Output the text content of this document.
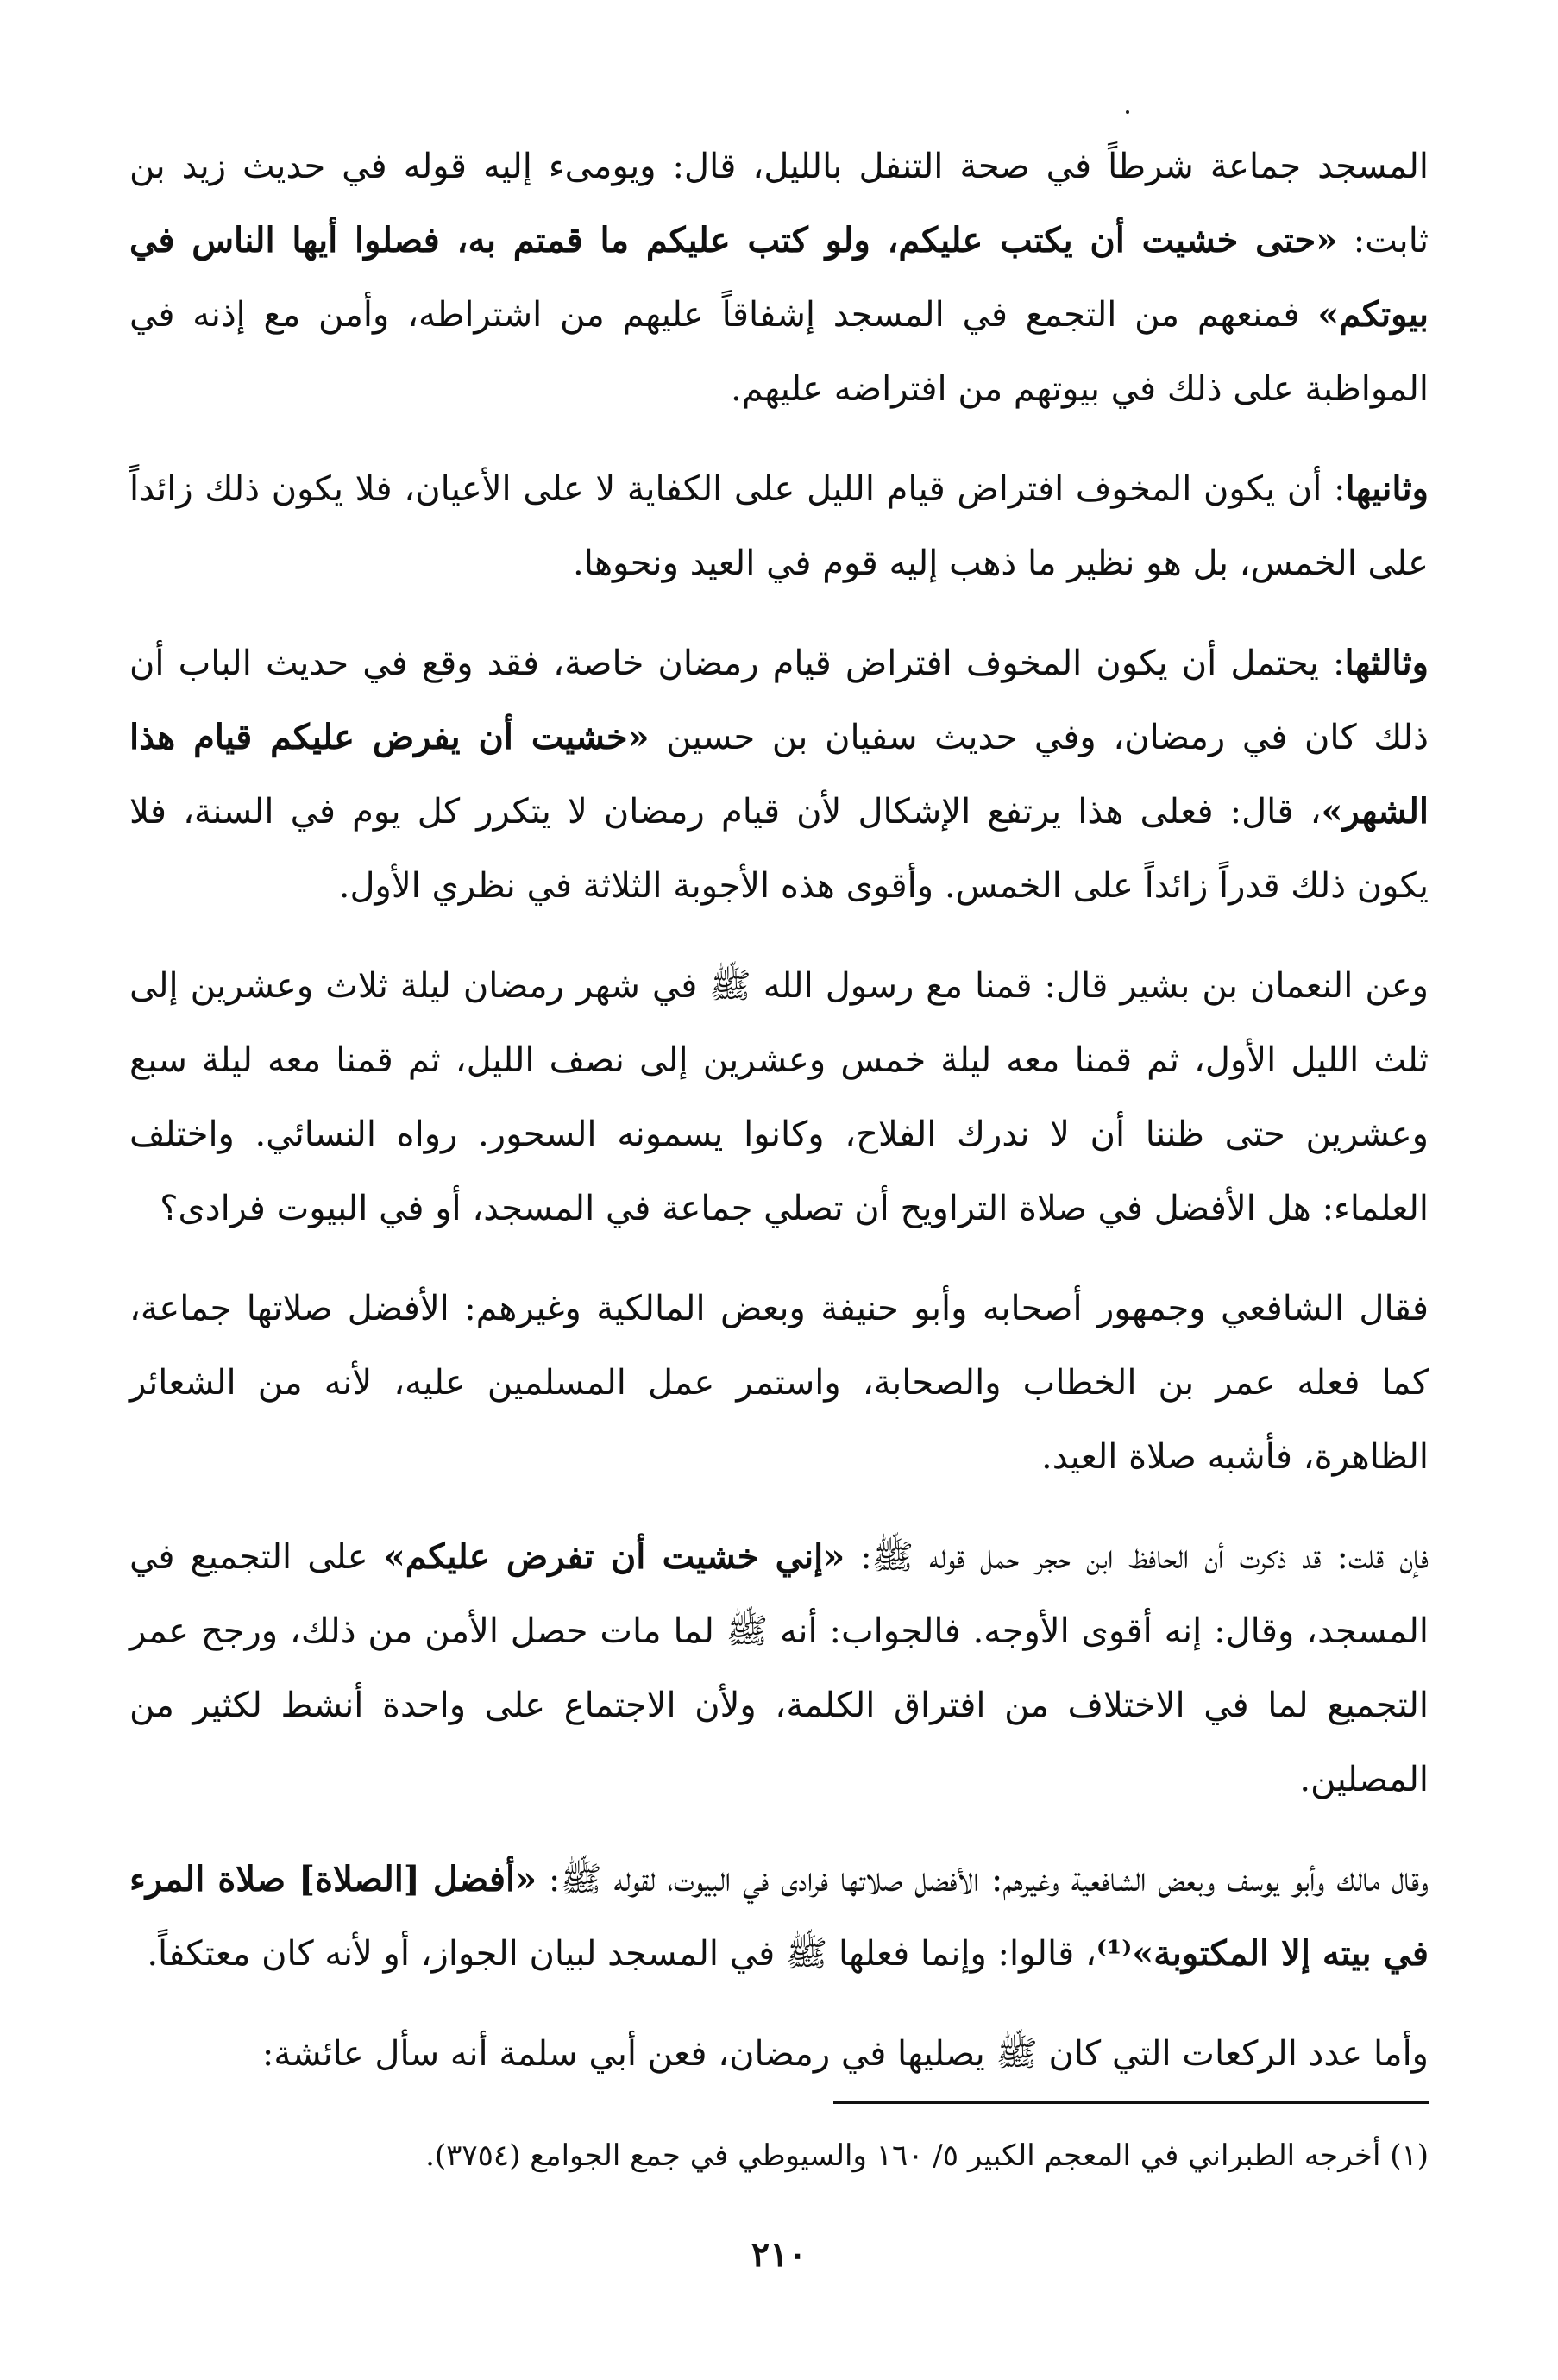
المسجد جماعة شرطاً في صحة التنفل بالليل، قال: ويومىء إليه قوله في حديث زيد بن ثابت: «حتى خشيت أن يكتب عليكم، ولو كتب عليكم ما قمتم به، فصلوا أيها الناس في بيوتكم» فمنعهم من التجمع في المسجد إشفاقاً عليهم من اشتراطه، وأمن مع إذنه في المواظبة على ذلك في بيوتهم من افتراضه عليهم.

وثانيها: أن يكون المخوف افتراض قيام الليل على الكفاية لا على الأعيان، فلا يكون ذلك زائداً على الخمس، بل هو نظير ما ذهب إليه قوم في العيد ونحوها.

وثالثها: يحتمل أن يكون المخوف افتراض قيام رمضان خاصة، فقد وقع في حديث الباب أن ذلك كان في رمضان، وفي حديث سفيان بن حسين «خشيت أن يفرض عليكم قيام هذا الشهر»، قال: فعلى هذا يرتفع الإشكال لأن قيام رمضان لا يتكرر كل يوم في السنة، فلا يكون ذلك قدراً زائداً على الخمس. وأقوى هذه الأجوبة الثلاثة في نظري الأول.

وعن النعمان بن بشير قال: قمنا مع رسول الله ﷺ في شهر رمضان ليلة ثلاث وعشرين إلى ثلث الليل الأول، ثم قمنا معه ليلة خمس وعشرين إلى نصف الليل، ثم قمنا معه ليلة سبع وعشرين حتى ظننا أن لا ندرك الفلاح، وكانوا يسمونه السحور. رواه النسائي. واختلف العلماء: هل الأفضل في صلاة التراويح أن تصلي جماعة في المسجد، أو في البيوت فرادى؟

فقال الشافعي وجمهور أصحابه وأبو حنيفة وبعض المالكية وغيرهم: الأفضل صلاتها جماعة، كما فعله عمر بن الخطاب والصحابة، واستمر عمل المسلمين عليه، لأنه من الشعائر الظاهرة، فأشبه صلاة العيد.

فإن قلت: قد ذكرت أن الحافظ ابن حجر حمل قوله ﷺ: «إني خشيت أن تفرض عليكم» على التجميع في المسجد، وقال: إنه أقوى الأوجه. فالجواب: أنه ﷺ لما مات حصل الأمن من ذلك، ورجح عمر التجميع لما في الاختلاف من افتراق الكلمة، ولأن الاجتماع على واحدة أنشط لكثير من المصلين.

وقال مالك وأبو يوسف وبعض الشافعية وغيرهم: الأفضل صلاتها فرادى في البيوت، لقوله ﷺ: «أفضل [الصلاة] صلاة المرء في بيته إلا المكتوبة»⁽¹⁾، قالوا: وإنما فعلها ﷺ في المسجد لبيان الجواز، أو لأنه كان معتكفاً.

وأما عدد الركعات التي كان ﷺ يصليها في رمضان، فعن أبي سلمة أنه سأل عائشة:

(١) أخرجه الطبراني في المعجم الكبير ٥/ ١٦٠ والسيوطي في جمع الجوامع (٣٧٥٤).
٢١٠
